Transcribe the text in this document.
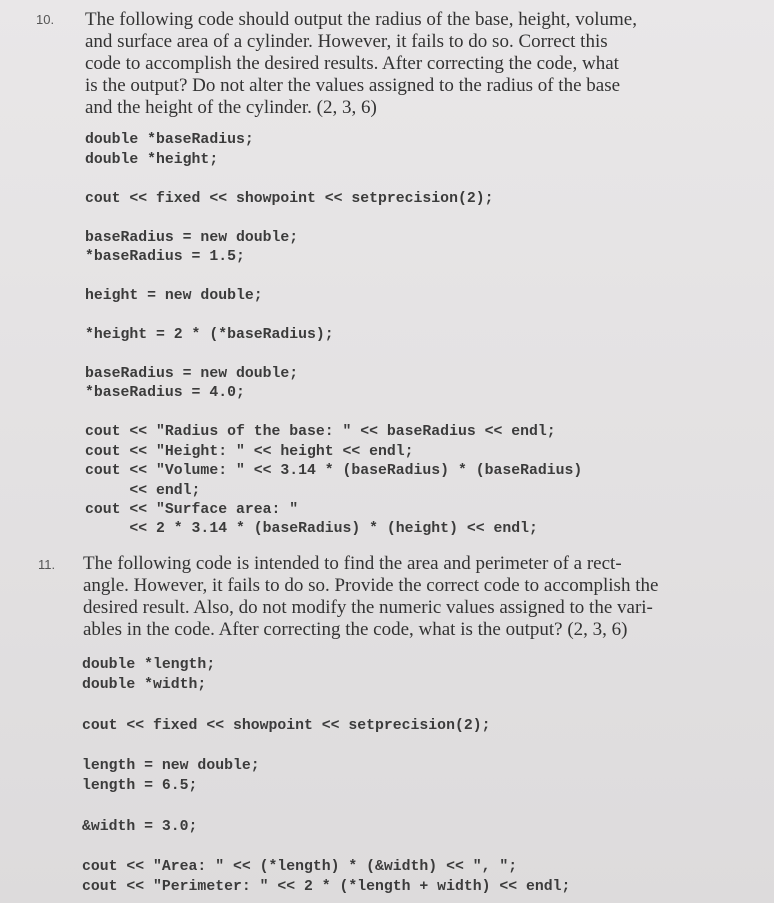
10. The following code should output the radius of the base, height, volume,
and surface area of a cylinder. However, it fails to do so. Correct this
code to accomplish the desired results. After correcting the code, what
is the output? Do not alter the values assigned to the radius of the base
and the height of the cylinder. (2, 3, 6)
double *baseRadius;
double *height;
cout << fixed << showpoint << setprecision(2);
baseRadius = new double;
*baseRadius = 1.5;
height = new double;
*height = 2 * (*baseRadius);
baseRadius = new double;
*baseRadius = 4.0;
cout << "Radius of the base: " << baseRadius << endl;
cout << "Height: " << height << endl;
cout << "Volume: " << 3.14 * (baseRadius) * (baseRadius)
<< endl;
cout << "Surface area: "
<< 2 * 3.14 * (baseRadius) * (height) << endl;
11. The following code is intended to find the area and perimeter of a rect-
angle. However, it fails to do so. Provide the correct code to accomplish the
desired result. Also, do not modify the numeric values assigned to the vari-
ables in the code. After correcting the code, what is the output? (2, 3, 6)
double *length;
double *width;
cout << fixed << showpoint << setprecision(2);
length = new double;
length = 6.5;
&width = 3.0;
cout << "Area: " << (*length) * (&width) << ", ";
cout << "Perimeter: " << 2 * (*length + width) << endl;
